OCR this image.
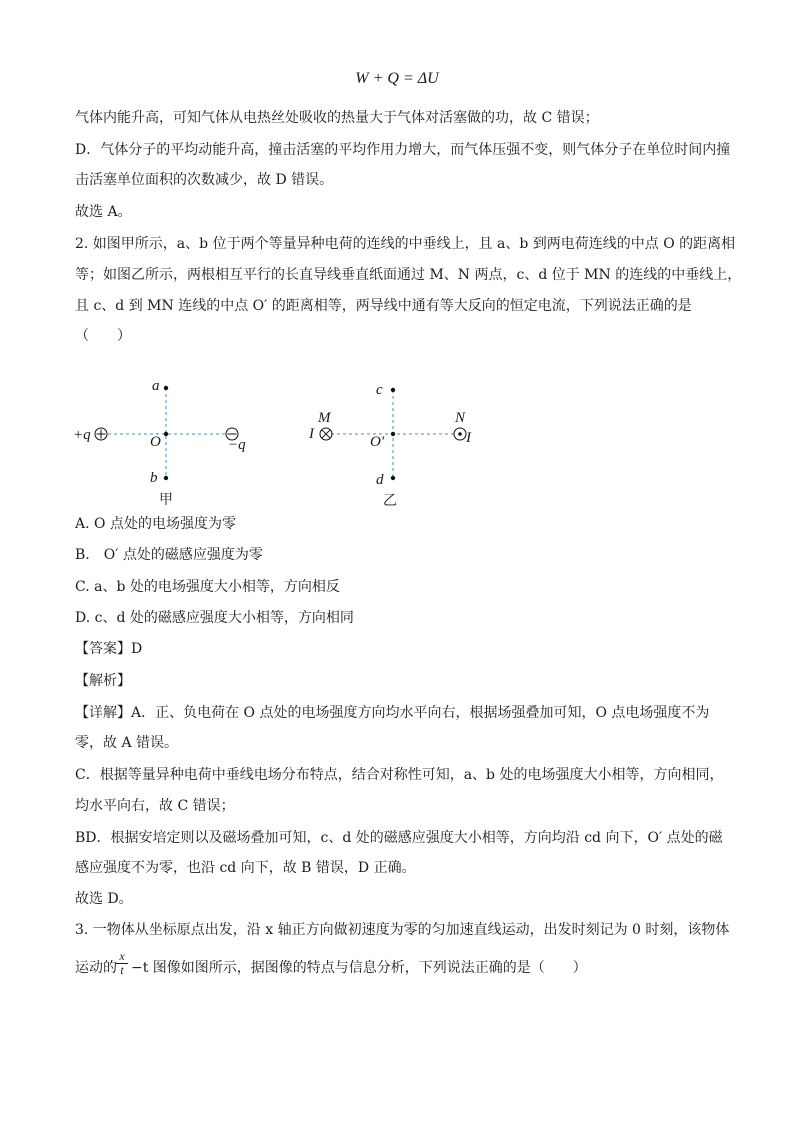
W + Q = ΔU
气体内能升高，可知气体从电热丝处吸收的热量大于气体对活塞做的功，故 C 错误；
D．气体分子的平均动能升高，撞击活塞的平均作用力增大，而气体压强不变，则气体分子在单位时间内撞
击活塞单位面积的次数减少，故 D 错误。
故选 A。
2. 如图甲所示，a、b 位于两个等量异种电荷的连线的中垂线上，且 a、b 到两电荷连线的中点 O 的距离相
等；如图乙所示，两根相互平行的长直导线垂直纸面通过 M、N 两点，c、d 位于 MN 的连线的中垂线上，
且 c、d 到 MN 连线的中点 O′ 的距离相等，两导线中通有等大反向的恒定电流，下列说法正确的是
（　　）
a
O
b
+q
−q
甲
c
O′
d
M	N
I	I
乙
A. O 点处的电场强度为零
B.　O′ 点处的磁感应强度为零
C. a、b 处的电场强度大小相等，方向相反
D. c、d 处的磁感应强度大小相等，方向相同
【答案】D
【解析】
【详解】A．正、负电荷在 O 点处的电场强度方向均水平向右，根据场强叠加可知，O 点电场强度不为
零，故 A 错误。
C．根据等量异种电荷中垂线电场分布特点，结合对称性可知，a、b 处的电场强度大小相等，方向相同，
均水平向右，故 C 错误；
BD．根据安培定则以及磁场叠加可知，c、d 处的磁感应强度大小相等，方向均沿 cd 向下，O′ 点处的磁
感应强度不为零，也沿 cd 向下，故 B 错误，D 正确。
故选 D。
3. 一物体从坐标原点出发，沿 x 轴正方向做初速度为零的匀加速直线运动，出发时刻记为 0 时刻，该物体
运动的 $\frac{x}{t} -t$ 图像如图所示，据图像的特点与信息分析，下列说法正确的是（　　）
